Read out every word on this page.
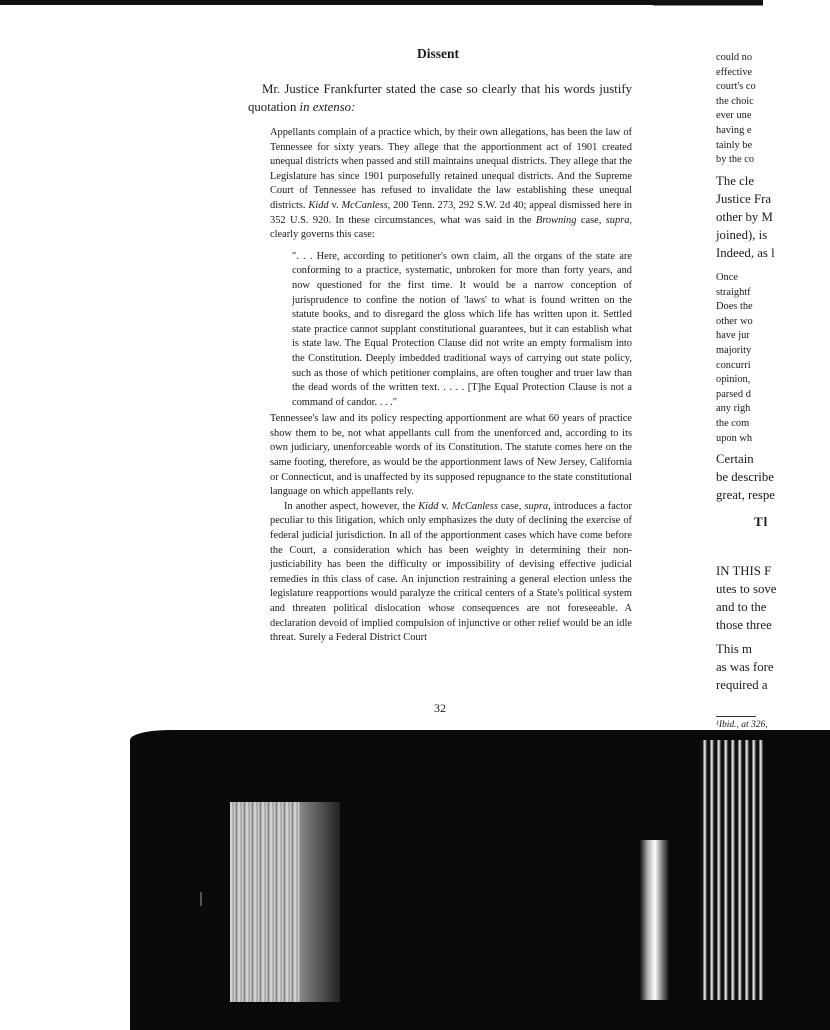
Dissent
Mr. Justice Frankfurter stated the case so clearly that his words justify quotation in extenso:

Appellants complain of a practice which, by their own allegations, has been the law of Tennessee for sixty years. They allege that the apportionment act of 1901 created unequal districts when passed and still maintains unequal districts. They allege that the Legislature has since 1901 purposefully retained unequal districts. And the Supreme Court of Tennessee has refused to invalidate the law establishing these unequal districts. Kidd v. McCanless, 200 Tenn. 273, 292 S.W. 2d 40; appeal dismissed here in 352 U.S. 920. In these circumstances, what was said in the Browning case, supra, clearly governs this case:

". . . Here, according to petitioner's own claim, all the organs of the state are conforming to a practice, systematic, unbroken for more than forty years, and now questioned for the first time. It would be a narrow conception of jurisprudence to confine the notion of 'laws' to what is found written on the statute books, and to disregard the gloss which life has written upon it. Settled state practice cannot supplant constitutional guarantees, but it can establish what is state law. The Equal Protection Clause did not write an empty formalism into the Constitution. Deeply imbedded traditional ways of carrying out state policy, such as those of which petitioner complains, are often tougher and truer law than the dead words of the written text. . . . . [T]he Equal Protection Clause is not a command of candor. . . ."

Tennessee's law and its policy respecting apportionment are what 60 years of practice show them to be, not what appellants cull from the unenforced and, according to its own judiciary, unenforceable words of its Constitution. The statute comes here on the same footing, therefore, as would be the apportionment laws of New Jersey, California or Connecticut, and is unaffected by its supposed repugnance to the state constitutional language on which appellants rely.

In another aspect, however, the Kidd v. McCanless case, supra, introduces a factor peculiar to this litigation, which only emphasizes the duty of declining the exercise of federal judicial jurisdiction. In all of the apportionment cases which have come before the Court, a consideration which has been weighty in determining their non-justiciability has been the difficulty or impossibility of devising effective judicial remedies in this class of case. An injunction restraining a general election unless the legislature reapportions would paralyze the critical centers of a State's political system and threaten political dislocation whose consequences are not foreseeable. A declaration devoid of implied compulsion of injunctive or other relief would be an idle threat. Surely a Federal District Court

32
could no
effective
court's co
the choic
ever une
having e
tainly be
by the co
The cle
Justice Fra
other by M
joined), is
Indeed, as l
Once
straightf
Does the
other wo
have jur
majority
concurri
opinion,
parsed d
any righ
the com
upon wh
Certain
be describe
great, respe
Tl
IN THIS F
utes to sove
and to the
those three
This m
as was fore
required a
¹Ibid., at 326,
